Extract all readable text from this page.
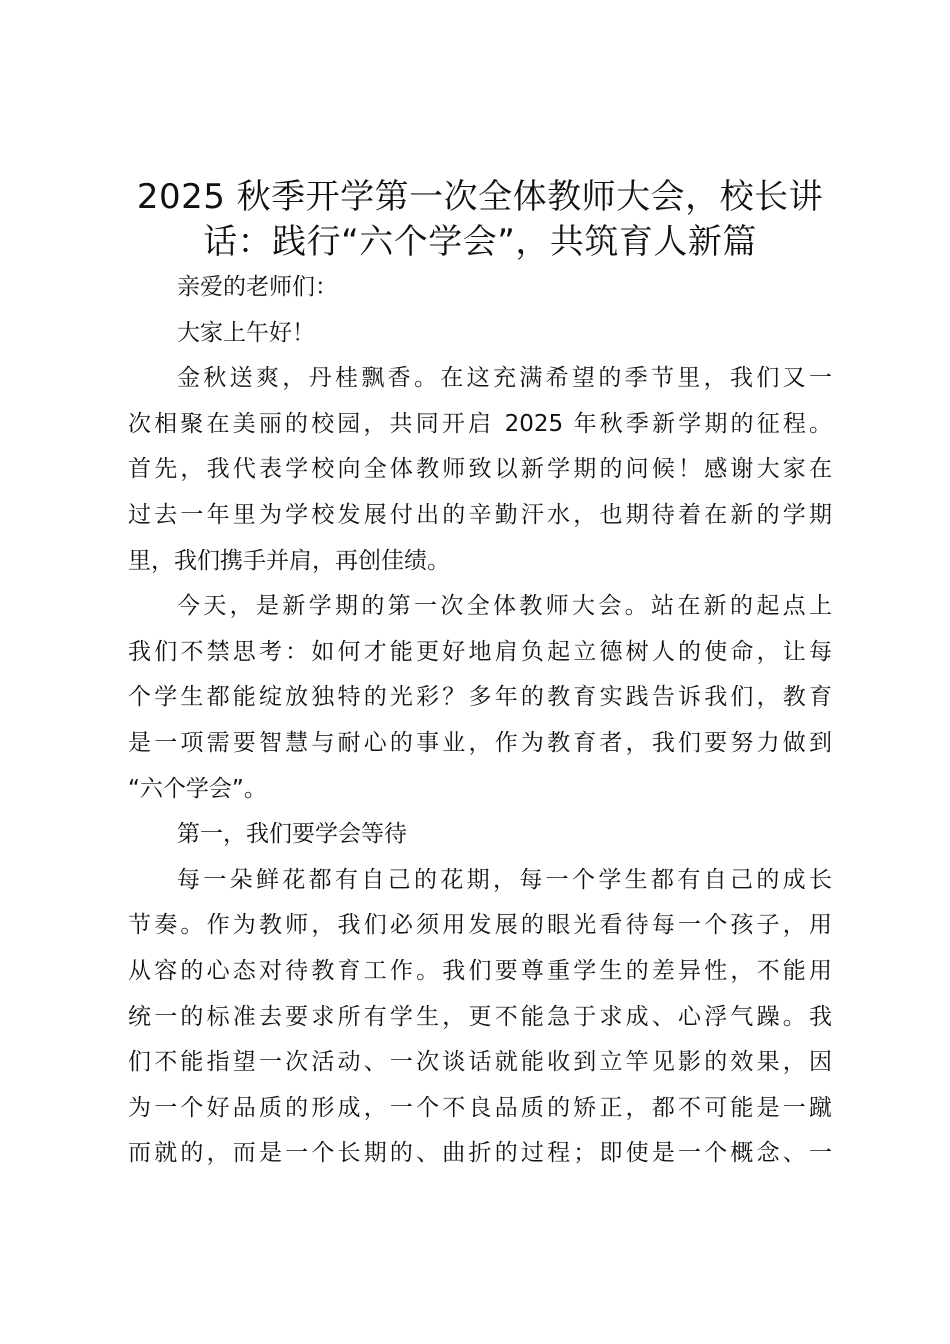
2025 秋季开学第一次全体教师大会，校长讲
话：践行“六个学会”，共筑育人新篇

亲爱的老师们：

大家上午好！

金秋送爽，丹桂飘香。在这充满希望的季节里，我们又一

次相聚在美丽的校园，共同开启 2025 年秋季新学期的征程。

首先，我代表学校向全体教师致以新学期的问候！感谢大家在

过去一年里为学校发展付出的辛勤汗水，也期待着在新的学期

里，我们携手并肩，再创佳绩。

今天，是新学期的第一次全体教师大会。站在新的起点上

我们不禁思考：如何才能更好地肩负起立德树人的使命，让每

个学生都能绽放独特的光彩？多年的教育实践告诉我们，教育

是一项需要智慧与耐心的事业，作为教育者，我们要努力做到

“六个学会”。

第一，我们要学会等待

每一朵鲜花都有自己的花期，每一个学生都有自己的成长

节奏。作为教师，我们必须用发展的眼光看待每一个孩子，用

从容的心态对待教育工作。我们要尊重学生的差异性，不能用

统一的标准去要求所有学生，更不能急于求成、心浮气躁。我

们不能指望一次活动、一次谈话就能收到立竿见影的效果，因

为一个好品质的形成，一个不良品质的矫正，都不可能是一蹴

而就的，而是一个长期的、曲折的过程；即使是一个概念、一
